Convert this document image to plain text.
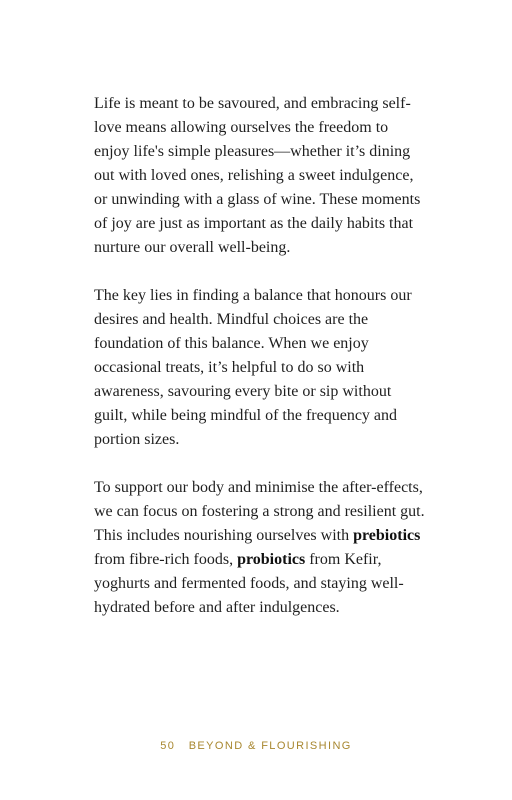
Life is meant to be savoured, and embracing self-love means allowing ourselves the freedom to enjoy life's simple pleasures—whether it’s dining out with loved ones, relishing a sweet indulgence, or unwinding with a glass of wine. These moments of joy are just as important as the daily habits that nurture our overall well-being.

The key lies in finding a balance that honours our desires and health. Mindful choices are the foundation of this balance. When we enjoy occasional treats, it’s helpful to do so with awareness, savouring every bite or sip without guilt, while being mindful of the frequency and portion sizes.

To support our body and minimise the after-effects, we can focus on fostering a strong and resilient gut. This includes nourishing ourselves with prebiotics from fibre-rich foods, probiotics from Kefir, yoghurts and fermented foods, and staying well-hydrated before and after indulgences.

50 BEYOND & FLOURISHING
